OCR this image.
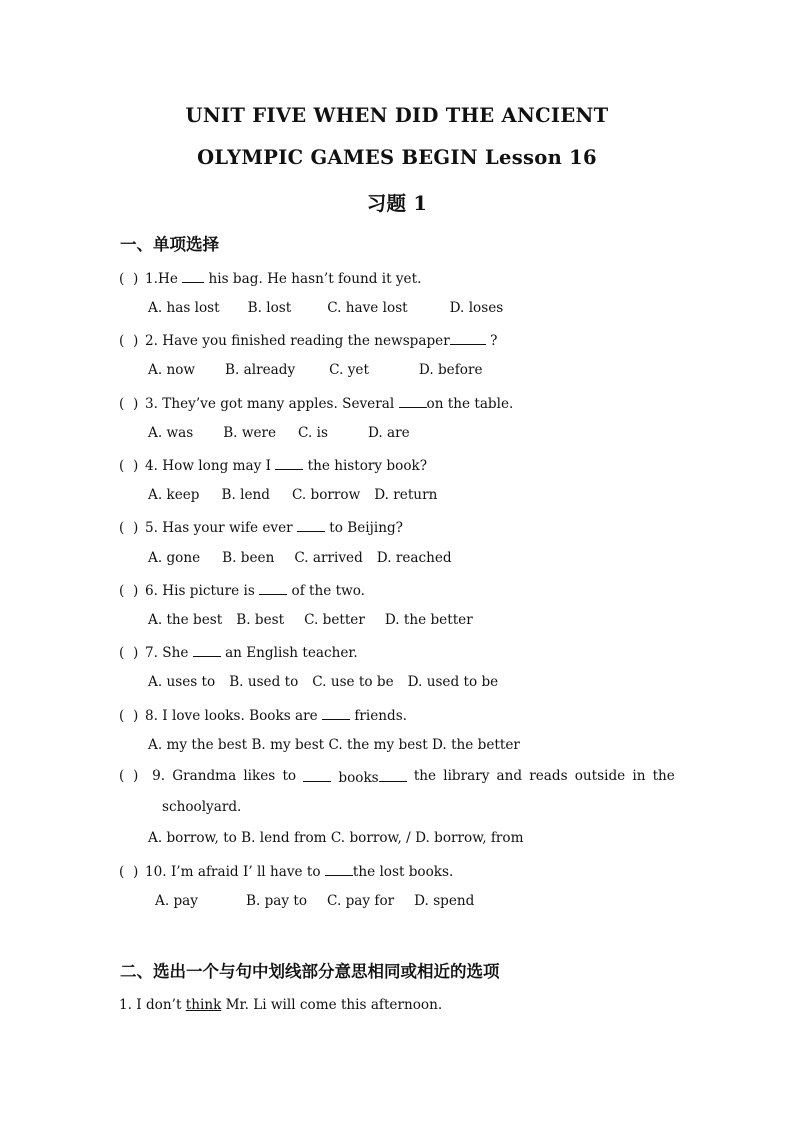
UNIT FIVE WHEN DID THE ANCIENT
OLYMPIC GAMES BEGIN Lesson 16
习题 1
一、单项选择
( ) 1.He his bag. He hasn’t found it yet.
A. has lost B. lost	C. have lost	D. loses
( ) 2. Have you finished reading the newspaper	?
A. now B. already	C. yet	D. before
( ) 3. They’ve got many apples. Several on the table.
A. was B. were C. is	D. are
( ) 4. How long may I	the history book?
A. keep B. lend C. borrow D. return
( ) 5. Has your wife ever	to Beijing?
A. gone B. been C. arrived D. reached
( ) 6. His picture is	of the two.
A. the best B. best C. better D. the better
( ) 7. She	an English teacher.
A. uses to B. used to C. use to be D. used to be
( ) 8. I love looks. Books are	friends.
A. my the best B. my best C. the my best D. the better
( )	9. Grandma likes to	books	the library and reads outside in the
schoolyard.
A. borrow, to B. lend from C. borrow, / D. borrow, from
( ) 10. I’m afraid I’ ll have to the lost books.
A. pay	B. pay to C. pay for D. spend
二、选出一个与句中划线部分意思相同或相近的选项
1. I don’t think Mr. Li will come this afternoon.
